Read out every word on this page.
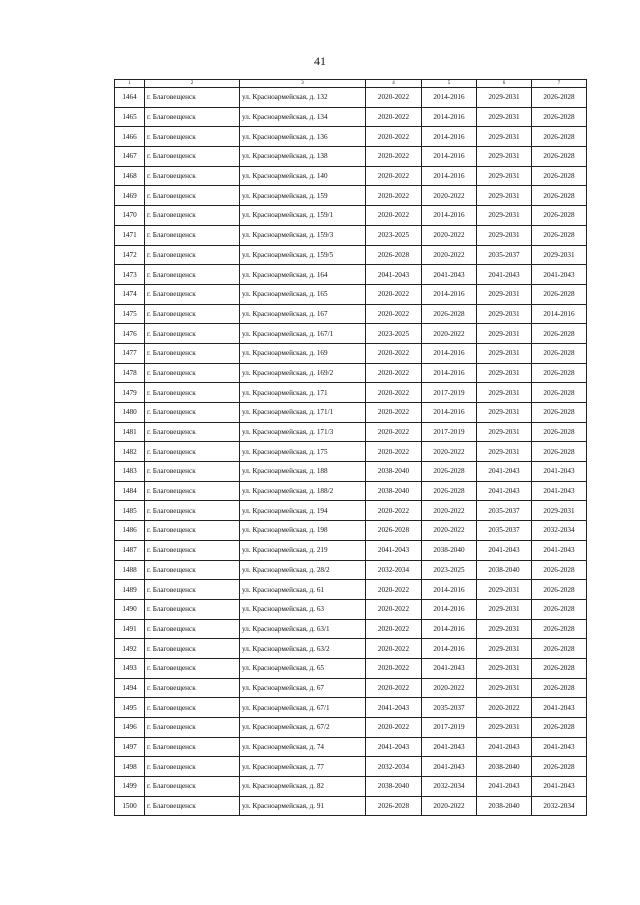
41
1	2	3	4	5	6	7
1464	г. Благовещенск	ул. Красноармейская, д. 132	2020-2022	2014-2016	2029-2031	2026-2028
1465	г. Благовещенск	ул. Красноармейская, д. 134	2020-2022	2014-2016	2029-2031	2026-2028
1466	г. Благовещенск	ул. Красноармейская, д. 136	2020-2022	2014-2016	2029-2031	2026-2028
1467	г. Благовещенск	ул. Красноармейская, д. 138	2020-2022	2014-2016	2029-2031	2026-2028
1468	г. Благовещенск	ул. Красноармейская, д. 140	2020-2022	2014-2016	2029-2031	2026-2028
1469	г. Благовещенск	ул. Красноармейская, д. 159	2020-2022	2020-2022	2029-2031	2026-2028
1470	г. Благовещенск	ул. Красноармейская, д. 159/1	2020-2022	2014-2016	2029-2031	2026-2028
1471	г. Благовещенск	ул. Красноармейская, д. 159/3	2023-2025	2020-2022	2029-2031	2026-2028
1472	г. Благовещенск	ул. Красноармейская, д. 159/5	2026-2028	2020-2022	2035-2037	2029-2031
1473	г. Благовещенск	ул. Красноармейская, д. 164	2041-2043	2041-2043	2041-2043	2041-2043
1474	г. Благовещенск	ул. Красноармейская, д. 165	2020-2022	2014-2016	2029-2031	2026-2028
1475	г. Благовещенск	ул. Красноармейская, д. 167	2020-2022	2026-2028	2029-2031	2014-2016
1476	г. Благовещенск	ул. Красноармейская, д. 167/1	2023-2025	2020-2022	2029-2031	2026-2028
1477	г. Благовещенск	ул. Красноармейская, д. 169	2020-2022	2014-2016	2029-2031	2026-2028
1478	г. Благовещенск	ул. Красноармейская, д. 169/2	2020-2022	2014-2016	2029-2031	2026-2028
1479	г. Благовещенск	ул. Красноармейская, д. 171	2020-2022	2017-2019	2029-2031	2026-2028
1480	г. Благовещенск	ул. Красноармейская, д. 171/1	2020-2022	2014-2016	2029-2031	2026-2028
1481	г. Благовещенск	ул. Красноармейская, д. 171/3	2020-2022	2017-2019	2029-2031	2026-2028
1482	г. Благовещенск	ул. Красноармейская, д. 175	2020-2022	2020-2022	2029-2031	2026-2028
1483	г. Благовещенск	ул. Красноармейская, д. 188	2038-2040	2026-2028	2041-2043	2041-2043
1484	г. Благовещенск	ул. Красноармейская, д. 188/2	2038-2040	2026-2028	2041-2043	2041-2043
1485	г. Благовещенск	ул. Красноармейская, д. 194	2020-2022	2020-2022	2035-2037	2029-2031
1486	г. Благовещенск	ул. Красноармейская, д. 198	2026-2028	2020-2022	2035-2037	2032-2034
1487	г. Благовещенск	ул. Красноармейская, д. 219	2041-2043	2038-2040	2041-2043	2041-2043
1488	г. Благовещенск	ул. Красноармейская, д. 28/2	2032-2034	2023-2025	2038-2040	2026-2028
1489	г. Благовещенск	ул. Красноармейская, д. 61	2020-2022	2014-2016	2029-2031	2026-2028
1490	г. Благовещенск	ул. Красноармейская, д. 63	2020-2022	2014-2016	2029-2031	2026-2028
1491	г. Благовещенск	ул. Красноармейская, д. 63/1	2020-2022	2014-2016	2029-2031	2026-2028
1492	г. Благовещенск	ул. Красноармейская, д. 63/2	2020-2022	2014-2016	2029-2031	2026-2028
1493	г. Благовещенск	ул. Красноармейская, д. 65	2020-2022	2041-2043	2029-2031	2026-2028
1494	г. Благовещенск	ул. Красноармейская, д. 67	2020-2022	2020-2022	2029-2031	2026-2028
1495	г. Благовещенск	ул. Красноармейская, д. 67/1	2041-2043	2035-2037	2020-2022	2041-2043
1496	г. Благовещенск	ул. Красноармейская, д. 67/2	2020-2022	2017-2019	2029-2031	2026-2028
1497	г. Благовещенск	ул. Красноармейская, д. 74	2041-2043	2041-2043	2041-2043	2041-2043
1498	г. Благовещенск	ул. Красноармейская, д. 77	2032-2034	2041-2043	2038-2040	2026-2028
1499	г. Благовещенск	ул. Красноармейская, д. 82	2038-2040	2032-2034	2041-2043	2041-2043
1500	г. Благовещенск	ул. Красноармейская, д. 91	2026-2028	2020-2022	2038-2040	2032-2034
